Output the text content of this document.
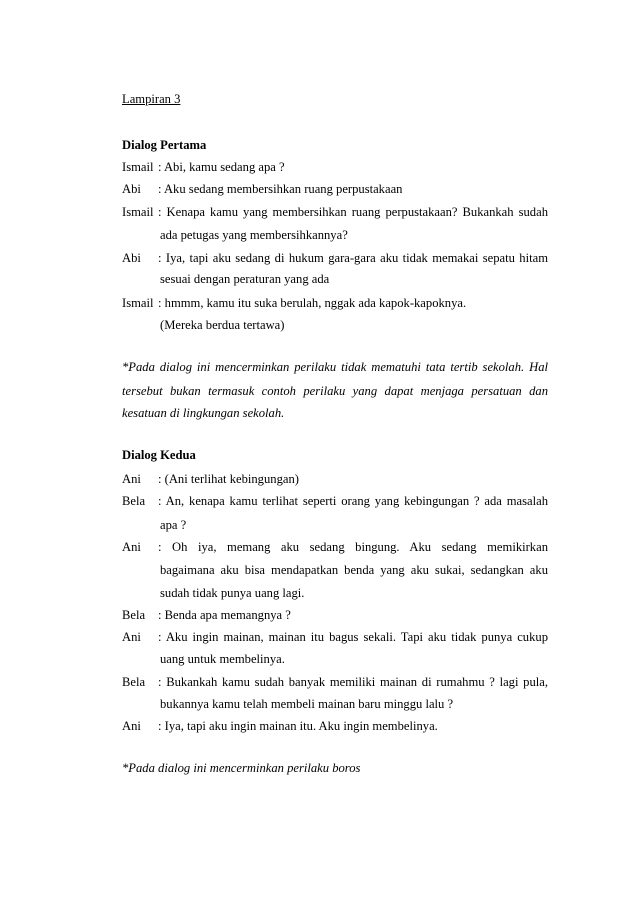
Lampiran 3
Dialog Pertama
Ismail : Abi, kamu sedang apa ?
Abi : Aku sedang membersihkan ruang perpustakaan
Ismail : Kenapa kamu yang membersihkan ruang perpustakaan? Bukankah sudah
ada petugas yang membersihkannya?
Abi : Iya, tapi aku sedang di hukum gara-gara aku tidak memakai sepatu hitam
sesuai dengan peraturan yang ada
Ismail : hmmm, kamu itu suka berulah, nggak ada kapok-kapoknya.
(Mereka berdua tertawa)
*Pada dialog ini mencerminkan perilaku tidak mematuhi tata tertib sekolah. Hal
tersebut bukan termasuk contoh perilaku yang dapat menjaga persatuan dan
kesatuan di lingkungan sekolah.
Dialog Kedua
Ani : (Ani terlihat kebingungan)
Bela : An, kenapa kamu terlihat seperti orang yang kebingungan ? ada masalah
apa ?
Ani : Oh iya, memang aku sedang bingung. Aku sedang memikirkan
bagaimana aku bisa mendapatkan benda yang aku sukai, sedangkan aku
sudah tidak punya uang lagi.
Bela : Benda apa memangnya ?
Ani : Aku ingin mainan, mainan itu bagus sekali. Tapi aku tidak punya cukup
uang untuk membelinya.
Bela : Bukankah kamu sudah banyak memiliki mainan di rumahmu ? lagi pula,
bukannya kamu telah membeli mainan baru minggu lalu ?
Ani : Iya, tapi aku ingin mainan itu. Aku ingin membelinya.
*Pada dialog ini mencerminkan perilaku boros
